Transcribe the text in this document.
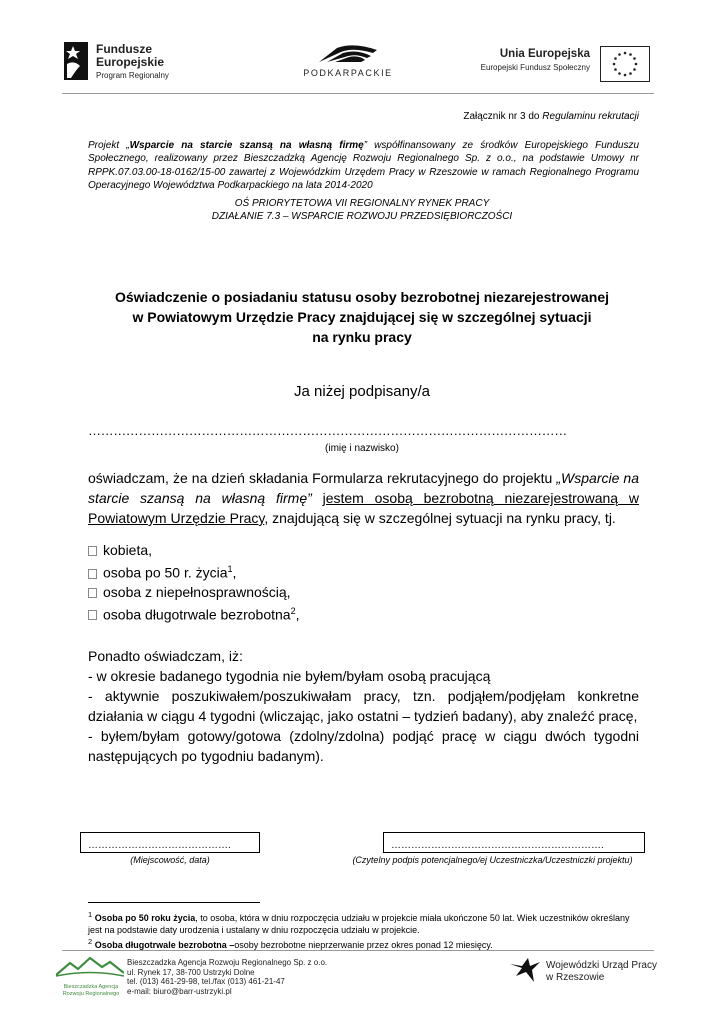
Fundusze
Europejskie
Program Regionalny	PODKARPACKIE
Unia Europejska
Europejski Fundusz Społeczny
Załącznik nr 3 do Regulaminu rekrutacji
Projekt „Wsparcie na starcie szansą na własną firmę” współfinansowany ze środków Europejskiego Funduszu Społecznego, realizowany przez Bieszczadzką Agencję Rozwoju Regionalnego Sp. z o.o., na podstawie Umowy nr RPPK.07.03.00-18-0162/15-00 zawartej z Wojewódzkim Urzędem Pracy w Rzeszowie w ramach Regionalnego Programu Operacyjnego Województwa Podkarpackiego na lata 2014-2020
OŚ PRIORYTETOWA VII REGIONALNY RYNEK PRACY
DZIAŁANIE 7.3 – WSPARCIE ROZWOJU PRZEDSIĘBIORCZOŚCI
Oświadczenie o posiadaniu statusu osoby bezrobotnej niezarejestrowanej
w Powiatowym Urzędzie Pracy znajdującej się w szczególnej sytuacji
na rynku pracy
Ja niżej podpisany/a
……………………………………………………………………………………………………
(imię i nazwisko)
oświadczam, że na dzień składania Formularza rekrutacyjnego do projektu „Wsparcie na starcie szansą na własną firmę” jestem osobą bezrobotną niezarejestrowaną w Powiatowym Urzędzie Pracy, znajdującą się w szczególnej sytuacji na rynku pracy, tj.
kobieta,
osoba po 50 r. życia$^1$,
osoba z niepełnosprawnością,
osoba długotrwale bezrobotna$^2$,
Ponadto oświadczam, iż:
- w okresie badanego tygodnia nie byłem/byłam osobą pracującą
- aktywnie poszukiwałem/poszukiwałam pracy, tzn. podjąłem/podjęłam konkretne działania w ciągu 4 tygodni (wliczając, jako ostatni – tydzień badany), aby znaleźć pracę,
- byłem/byłam gotowy/gotowa (zdolny/zdolna) podjąć pracę w ciągu dwóch tygodni następujących po tygodniu badanym).
…………………………………….
(Miejscowość, data)
……………………………………………………….
(Czytelny podpis potencjalnego/ej Uczestniczka/Uczestniczki projektu)
$^1$ Osoba po 50 roku życia, to osoba, która w dniu rozpoczęcia udziału w projekcie miała ukończone 50 lat. Wiek uczestników określany jest na podstawie daty urodzenia i ustalany w dniu rozpoczęcia udziału w projekcie.
$^2$ Osoba długotrwale bezrobotna –osoby bezrobotne nieprzerwanie przez okres ponad 12 miesięcy.
Bieszczadzka Agencja
Rozwoju Regionalnego
Bieszczadzka Agencja Rozwoju Regionalnego Sp. z o.o.
ul. Rynek 17, 38-700 Ustrzyki Dolne
tel. (013) 461-29-98, tel./fax (013) 461-21-47
e-mail: biuro@barr-ustrzyki.pl
Wojewódzki Urząd Pracy
w Rzeszowie
